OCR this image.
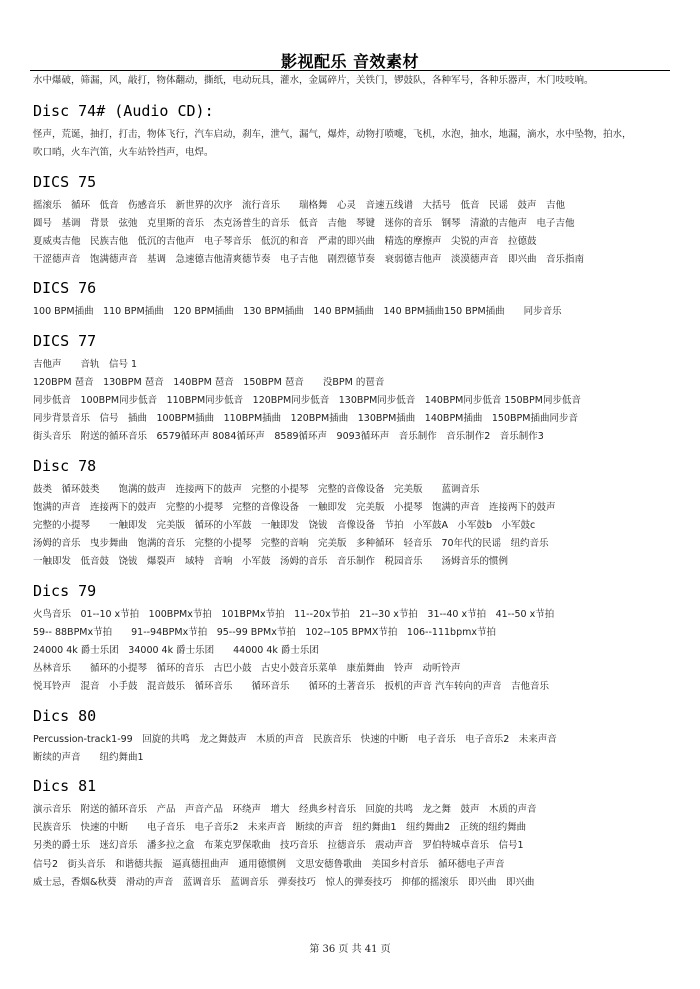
影视配乐 音效素材
水中爆破，筛漏，风，敲打，物体翻动，撕纸，电动玩具，灌水，金属碎片，关铁门，锣鼓队，各种军号，各种乐器声，木门吱吱响。
Disc 74# (Audio CD):
怪声，荒诞，抽打，打击，物体飞行，汽车启动，刹车，泄气，漏气，爆炸，动物打喷嚏，飞机，水泡，抽水，地漏，滴水，水中坠物，拍水，
吹口哨，火车汽笛，火车站铃挡声，电焊。
DICS 75
摇滚乐　循环　低音　伤感音乐　新世界的次序　流行音乐　　瑞格舞　心灵　音速五线谱　大括号　低音　民谣　鼓声　吉他
圆号　基调　背景　弦弛　克里斯的音乐　杰克汤普生的音乐　低音　吉他　琴键　迷你的音乐　钢琴　清澈的吉他声　电子吉他
夏威夷吉他　民族吉他　低沉的吉他声　电子琴音乐　低沉的和音　严肃的即兴曲　精选的摩擦声　尖锐的声音　拉德鼓
干涩德声音　饱满德声音　基调　急速德吉他清爽德节奏　电子吉他　剧烈德节奏　衰弱德吉他声　淡漠德声音　即兴曲　音乐指南
DICS 76
100 BPM插曲　110 BPM插曲　120 BPM插曲　130 BPM插曲　140 BPM插曲　140 BPM插曲150 BPM插曲　　同步音乐
DICS 77
吉他声　　音轨　信号 1
120BPM 琶音　130BPM 琶音　140BPM 琶音　150BPM 琶音　　没BPM 的琶音
同步低音　100BPM同步低音　110BPM同步低音　120BPM同步低音　130BPM同步低音　140BPM同步低音 150BPM同步低音
同步背景音乐　信号　插曲　100BPM插曲　110BPM插曲　120BPM插曲　130BPM插曲　140BPM插曲　150BPM插曲同步音
街头音乐　附送的循环音乐　6579循环声 8084循环声　8589循环声　9093循环声　音乐制作　音乐制作2　音乐制作3
Disc 78
鼓类　循环鼓类　　饱满的鼓声　连接两下的鼓声　完整的小提琴　完整的音像设备　完美版　　蓝调音乐
饱满的声音　连接两下的鼓声　完整的小提琴　完整的音像设备　一触即发　完美版　小提琴　饱满的声音　连接两下的鼓声
完整的小提琴　　一触即发　完美版　循环的小军鼓　一触即发　饶钹　音像设备　节拍　小军鼓A　小军鼓b　小军鼓c
汤姆的音乐　曳步舞曲　饱满的音乐　完整的小提琴　完整的音响　完美版　多种循环　轻音乐　70年代的民谣　纽约音乐
一触即发　低音鼓　饶钹　爆裂声　域特　音响　小军鼓　汤姆的音乐　音乐制作　税园音乐　　汤姆音乐的惯例
Dics 79
火鸟音乐　01--10 x节拍　100BPMx节拍　101BPMx节拍　11--20x节拍　21--30 x节拍　31--40 x节拍　41--50 x节拍
59-- 88BPMx节拍　　91--94BPMx节拍　95--99 BPMx节拍　102--105 BPMX节拍　106--111bpmx节拍
24000 4k 爵士乐团　34000 4k 爵士乐团　　44000 4k 爵士乐团
丛林音乐　　循环的小提琴　循环的音乐　古巴小鼓　古史小鼓音乐菜单　康茄舞曲　铃声　动听铃声
悦耳铃声　混音　小手鼓　混音鼓乐　循环音乐　　循环音乐　　循环的土著音乐　扳机的声音 汽车转向的声音　吉他音乐
Dics 80
Percussion-track1-99　回旋的共鸣　龙之舞鼓声　木质的声音　民族音乐　快速的中断　电子音乐　电子音乐2　未来声音
断续的声音　　纽约舞曲1
Dics 81
演示音乐　附送的循环音乐　产品　声音产品　环绕声　增大　经典乡村音乐　回旋的共鸣　龙之舞　鼓声　木质的声音
民族音乐　快速的中断　　电子音乐　电子音乐2　未来声音　断续的声音　纽约舞曲1　纽约舞曲2　正统的纽约舞曲
另类的爵士乐　迷幻音乐　潘多拉之盒　布莱克罗保歌曲　技巧音乐　拉德音乐　震动声音　罗伯特城卓音乐　信号1
信号2　街头音乐　和谐德共振　逼真德扭曲声　通用德惯例　文思安德鲁歌曲　美国乡村音乐　循环德电子声音
威士忌，香烟&秋葵　滑动的声音　蓝调音乐　蓝调音乐　弹奏技巧　惊人的弹奏技巧　抑郁的摇滚乐　即兴曲　即兴曲
第 36 页 共 41 页
